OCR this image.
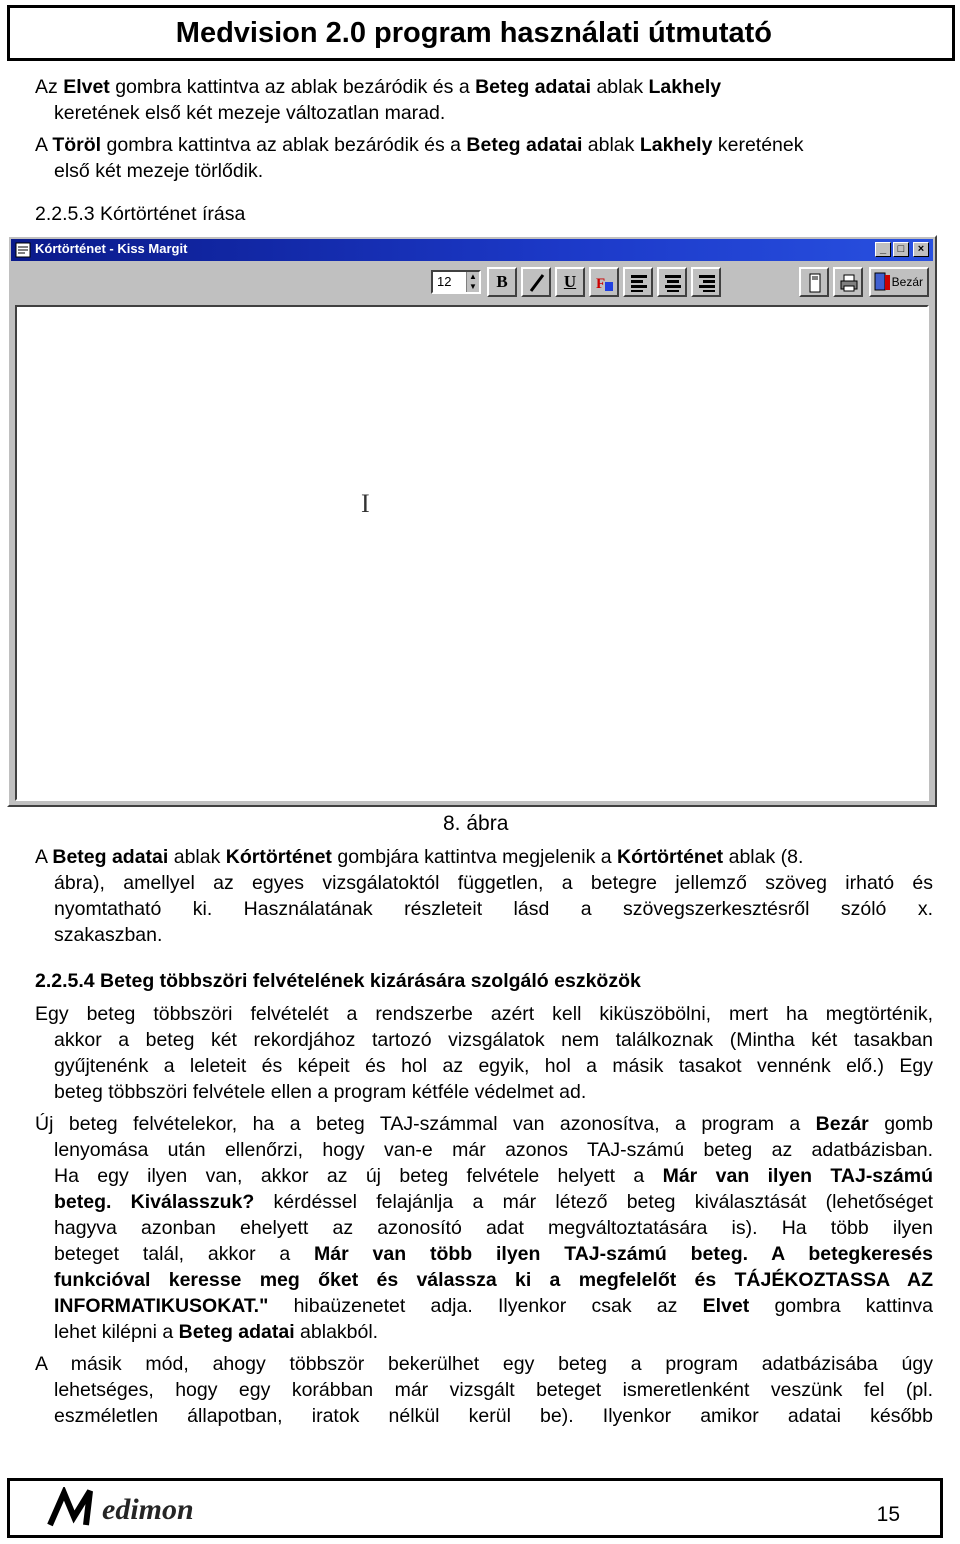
Medvision 2.0 program használati útmutató
Az Elvet gombra kattintva az ablak bezáródik és a Beteg adatai ablak Lakhely
keretének első két mezeje változatlan marad.
A Töröl gombra kattintva az ablak bezáródik és a Beteg adatai ablak Lakhely keretének
első két mezeje törlődik.
2.2.5.3 Kórtörténet írása
Kórtörténet - Kiss Margit	_	□	×
12	▲
▼	B	U	F	Bezár
I
8. ábra
A Beteg adatai ablak Kórtörténet gombjára kattintva megjelenik a Kórtörténet ablak (8.
ábra), amellyel az egyes vizsgálatoktól független, a betegre jellemző szöveg irható és
nyomtatható ki. Használatának részleteit lásd a szövegszerkesztésről szóló x.
szakaszban.
2.2.5.4 Beteg többszöri felvételének kizárására szolgáló eszközök
Egy beteg többszöri felvételét a rendszerbe azért kell kiküszöbölni, mert ha megtörténik,
akkor a beteg két rekordjához tartozó vizsgálatok nem találkoznak (Mintha két tasakban
gyűjtenénk a leleteit és képeit és hol az egyik, hol a másik tasakot vennénk elő.) Egy
beteg többszöri felvétele ellen a program kétféle védelmet ad.
Új beteg felvételekor, ha a beteg TAJ-számmal van azonosítva, a program a Bezár gomb
lenyomása után ellenőrzi, hogy van-e már azonos TAJ-számú beteg az adatbázisban.
Ha egy ilyen van, akkor az új beteg felvétele helyett a Már van ilyen TAJ-számú
beteg. Kiválasszuk? kérdéssel felajánlja a már létező beteg kiválasztását (lehetőséget
hagyva azonban ehelyett az azonosító adat megváltoztatására is). Ha több ilyen
beteget talál, akkor a Már van több ilyen TAJ-számú beteg. A betegkeresés
funkcióval keresse meg őket és válassza ki a megfelelőt és TÁJÉKOZTASSA AZ
INFORMATIKUSOKAT." hibaüzenetet adja. Ilyenkor csak az Elvet gombra kattinva
lehet kilépni a Beteg adatai ablakból.
A másik mód, ahogy többször bekerülhet egy beteg a program adatbázisába úgy
lehetséges, hogy egy korábban már vizsgált beteget ismeretlenként veszünk fel (pl.
eszméletlen állapotban, iratok nélkül kerül be). Ilyenkor amikor adatai később
edimon	15
